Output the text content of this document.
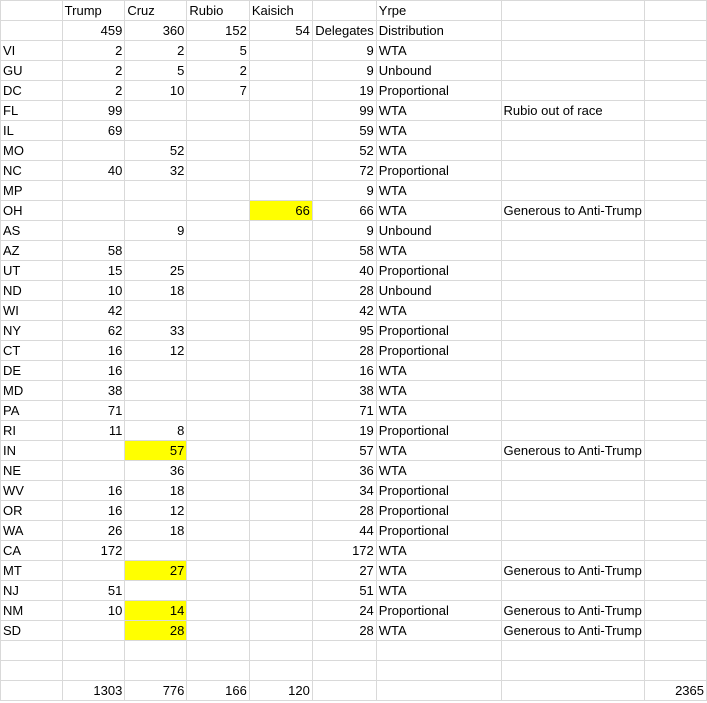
	Trump	Cruz	Rubio	Kaisich		Yrpe		
	459	360	152	54	Delegates	Distribution		
VI	2	2	5		9	WTA		
GU	2	5	2		9	Unbound		
DC	2	10	7		19	Proportional		
FL	99				99	WTA	Rubio out of race	
IL	69				59	WTA		
MO		52			52	WTA		
NC	40	32			72	Proportional		
MP					9	WTA		
OH				66	66	WTA	Generous to Anti-Trump	
AS		9			9	Unbound		
AZ	58				58	WTA		
UT	15	25			40	Proportional		
ND	10	18			28	Unbound		
WI	42				42	WTA		
NY	62	33			95	Proportional		
CT	16	12			28	Proportional		
DE	16				16	WTA		
MD	38				38	WTA		
PA	71				71	WTA		
RI	11	8			19	Proportional		
IN		57			57	WTA	Generous to Anti-Trump	
NE		36			36	WTA		
WV	16	18			34	Proportional		
OR	16	12			28	Proportional		
WA	26	18			44	Proportional		
CA	172				172	WTA		
MT		27			27	WTA	Generous to Anti-Trump	
NJ	51				51	WTA		
NM	10	14			24	Proportional	Generous to Anti-Trump	
SD		28			28	WTA	Generous to Anti-Trump	

	1303	776	166	120				2365
